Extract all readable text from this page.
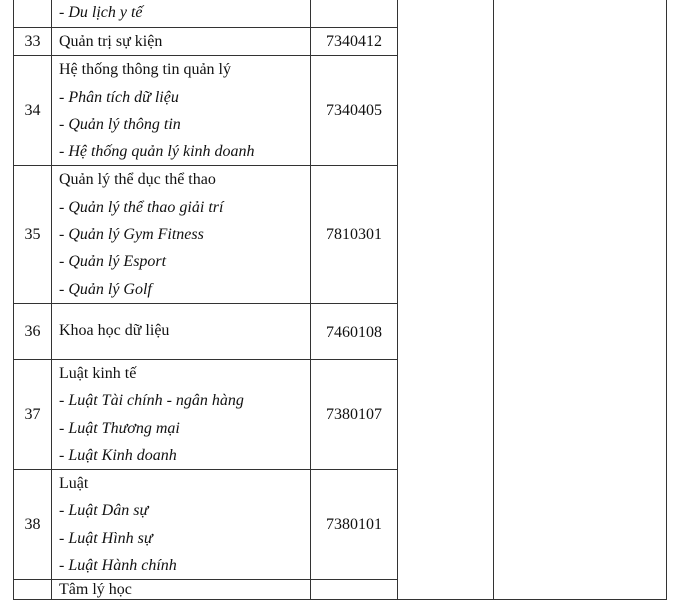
	- Du lịch y tế			

33	Quản trị sự kiện	7340412		
34	Hệ thống thông tin quản lý
- Phân tích dữ liệu
- Quản lý thông tin
- Hệ thống quản lý kinh doanh	7340405		
35	Quản lý thể dục thể thao
- Quản lý thể thao giải trí
- Quản lý Gym Fitness
- Quản lý Esport
- Quản lý Golf	7810301		
36	Khoa học dữ liệu	7460108		
37	Luật kinh tế
- Luật Tài chính - ngân hàng
- Luật Thương mại
- Luật Kinh doanh	7380107		
38	Luật
- Luật Dân sự
- Luật Hình sự
- Luật Hành chính	7380101		

	Tâm lý học			
